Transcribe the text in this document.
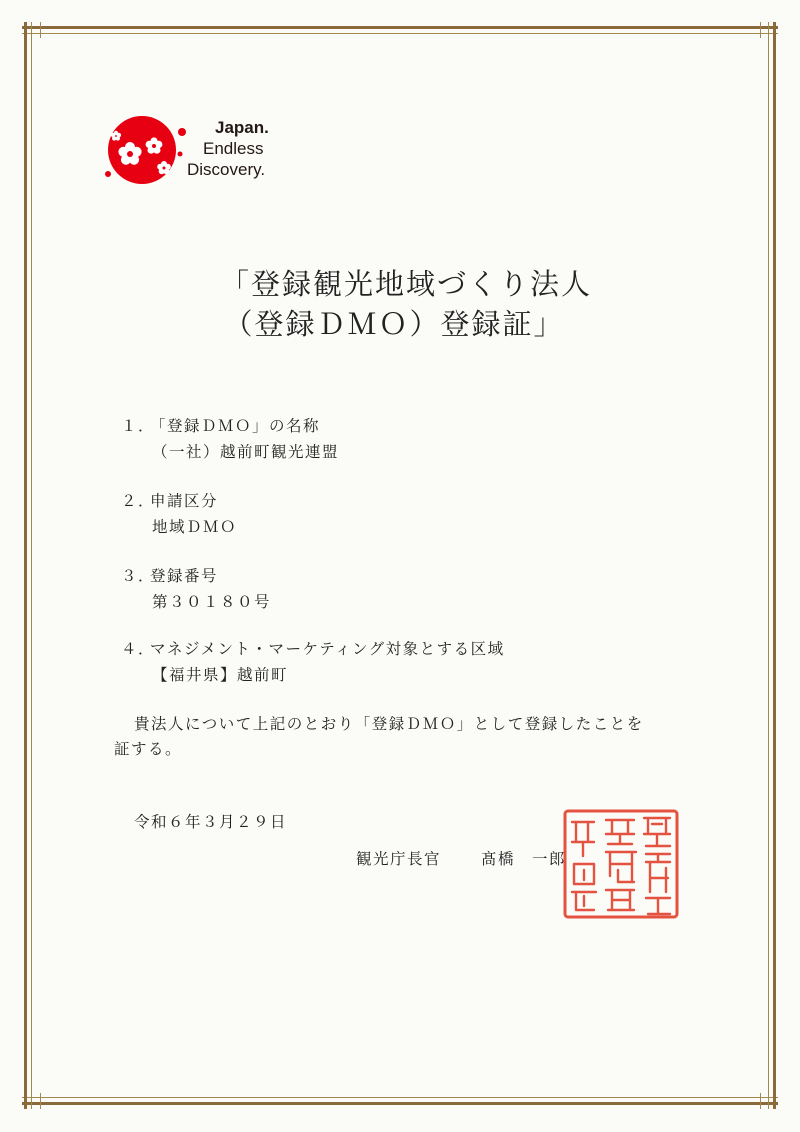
Japan.
Endless
Discovery.
「登録観光地域づくり法人
（登録ＤＭＯ）登録証」
１．
「登録ＤＭＯ」の名称
（一社）越前町観光連盟
２．
申請区分
地域ＤＭＯ
３．
登録番号
第３０１８０号
４．
マネジメント・マーケティング対象とする区域
【福井県】越前町
貴法人について上記のとおり「登録ＤＭＯ」として登録したことを
証する。
令和６年３月２９日
観光庁長官	髙橋　一郎
